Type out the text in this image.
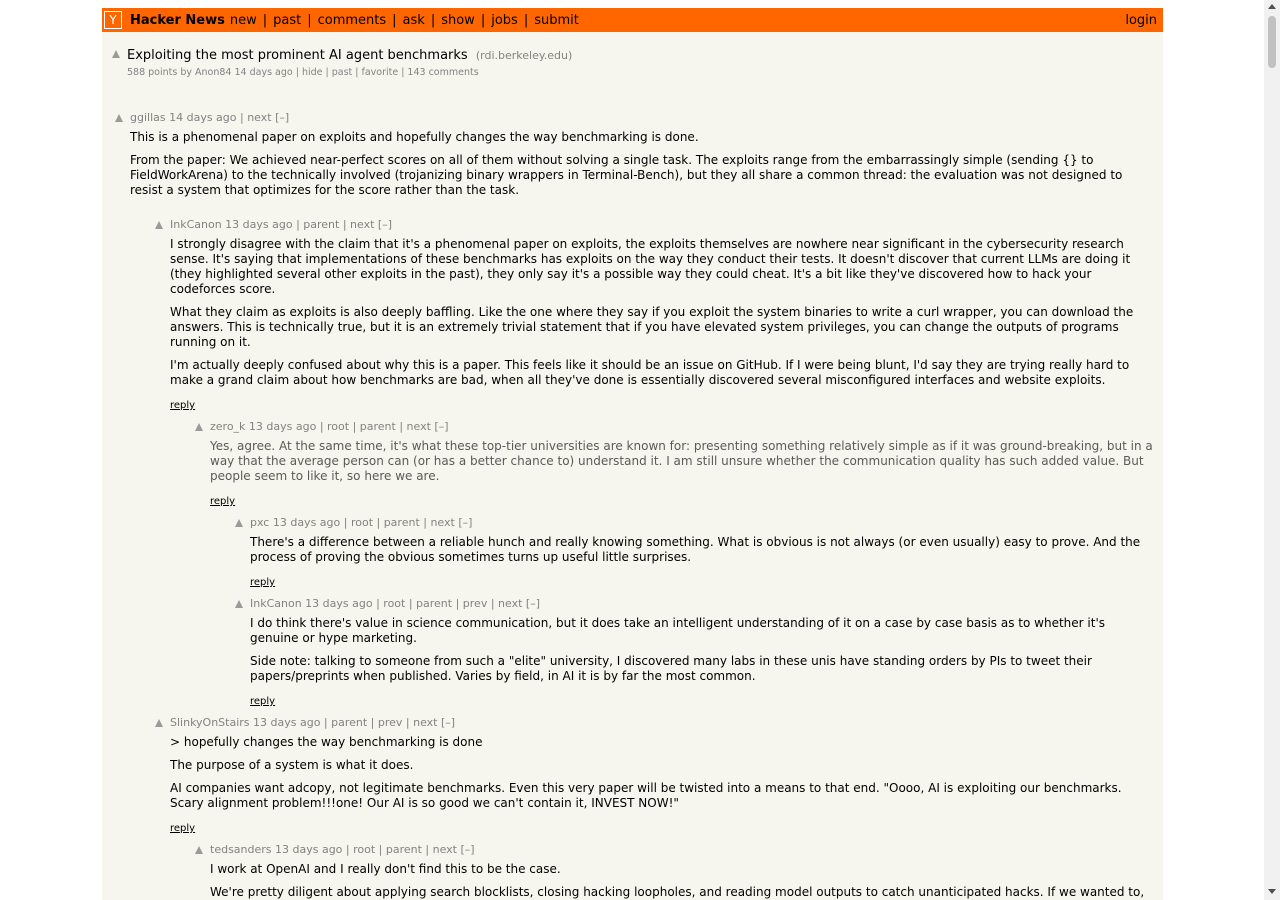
Y	Hacker News new | past | comments | ask | show | jobs | submit	login
Exploiting the most prominent AI agent benchmarks (rdi.berkeley.edu)
588 points by Anon84 14 days ago | hide | past | favorite | 143 comments
ggillas 14 days ago | next [–]

This is a phenomenal paper on exploits and hopefully changes the way benchmarking is done.

From the paper: We achieved near-perfect scores on all of them without solving a single task. The exploits range from the embarrassingly simple (sending {} to FieldWorkArena) to the technically involved (trojanizing binary wrappers in Terminal-Bench), but they all share a common thread: the evaluation was not designed to resist a system that optimizes for the score rather than the task.

InkCanon 13 days ago | parent | next [–]

I strongly disagree with the claim that it's a phenomenal paper on exploits, the exploits themselves are nowhere near significant in the cybersecurity research sense. It's saying that implementations of these benchmarks has exploits on the way they conduct their tests. It doesn't discover that current LLMs are doing it (they highlighted several other exploits in the past), they only say it's a possible way they could cheat. It's a bit like they've discovered how to hack your codeforces score.

What they claim as exploits is also deeply baffling. Like the one where they say if you exploit the system binaries to write a curl wrapper, you can download the answers. This is technically true, but it is an extremely trivial statement that if you have elevated system privileges, you can change the outputs of programs running on it.

I'm actually deeply confused about why this is a paper. This feels like it should be an issue on GitHub. If I were being blunt, I'd say they are trying really hard to make a grand claim about how benchmarks are bad, when all they've done is essentially discovered several misconfigured interfaces and website exploits.

reply
zero_k 13 days ago | root | parent | next [–]

Yes, agree. At the same time, it's what these top-tier universities are known for: presenting something relatively simple as if it was ground-breaking, but in a way that the average person can (or has a better chance to) understand it. I am still unsure whether the communication quality has such added value. But people seem to like it, so here we are.

reply
pxc 13 days ago | root | parent | next [–]

There's a difference between a reliable hunch and really knowing something. What is obvious is not always (or even usually) easy to prove. And the process of proving the obvious sometimes turns up useful little surprises.

reply
InkCanon 13 days ago | root | parent | prev | next [–]

I do think there's value in science communication, but it does take an intelligent understanding of it on a case by case basis as to whether it's genuine or hype marketing.

Side note: talking to someone from such a "elite" university, I discovered many labs in these unis have standing orders by PIs to tweet their papers/preprints when published. Varies by field, in AI it is by far the most common.

reply
SlinkyOnStairs 13 days ago | parent | prev | next [–]

> hopefully changes the way benchmarking is done

The purpose of a system is what it does.

AI companies want adcopy, not legitimate benchmarks. Even this very paper will be twisted into a means to that end. "Oooo, AI is exploiting our benchmarks. Scary alignment problem!!!one! Our AI is so good we can't contain it, INVEST NOW!"

reply
tedsanders 13 days ago | root | parent | next [–]

I work at OpenAI and I really don't find this to be the case.

We're pretty diligent about applying search blocklists, closing hacking loopholes, and reading model outputs to catch unanticipated hacks. If we wanted to,
